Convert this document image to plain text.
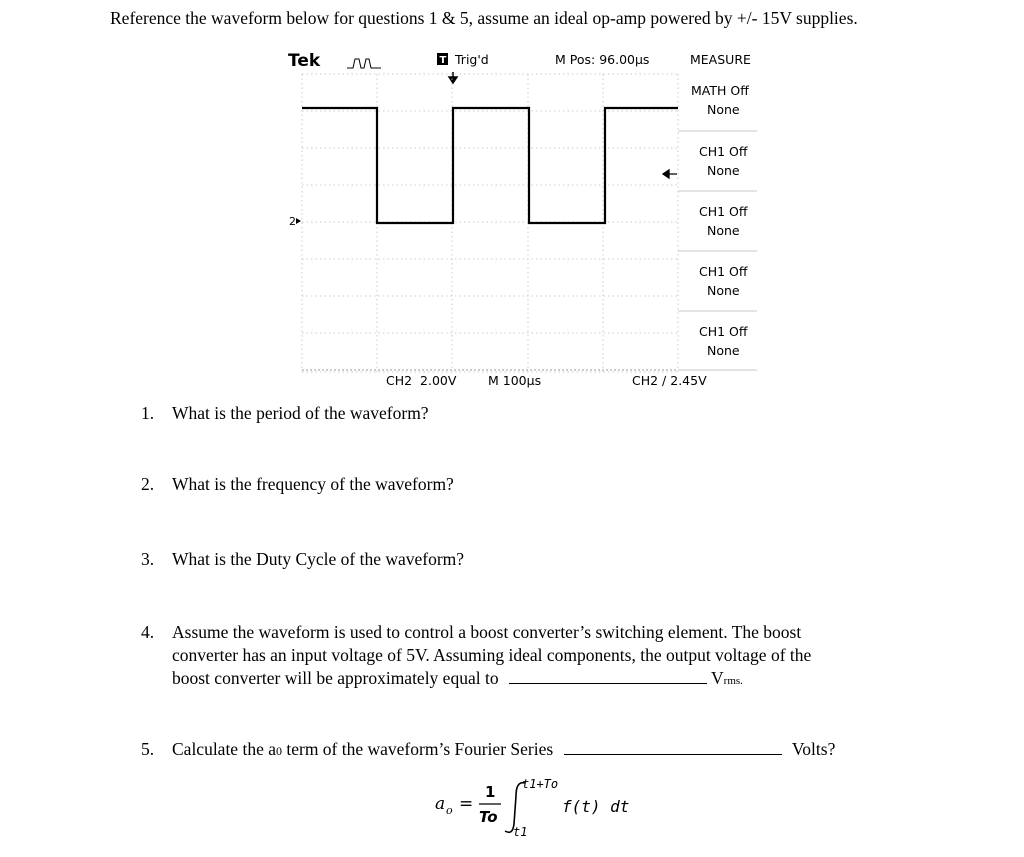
Reference the waveform below for questions 1 & 5, assume an ideal op-amp powered by +/- 15V supplies.
Tek	T Trig'd	M Pos: 96.00µs	MEASURE
2
MATH Off
None
CH1 Off
None
CH1 Off
None
CH1 Off
None
CH1 Off
None
CH2  2.00V	M 100µs	CH2 ∕ 2.45V
1. What is the period of the waveform?
2. What is the frequency of the waveform?
3. What is the Duty Cycle of the waveform?
4. Assume the waveform is used to control a boost converter’s switching element. The boost
converter has an input voltage of 5V. Assuming ideal components, the output voltage of the
boost converter will be approximately equal to	Vrms.
5. Calculate the a0 term of the waveform’s Fourier Series	Volts?
a o =
1
To
t1+To
t1
f(t) dt
